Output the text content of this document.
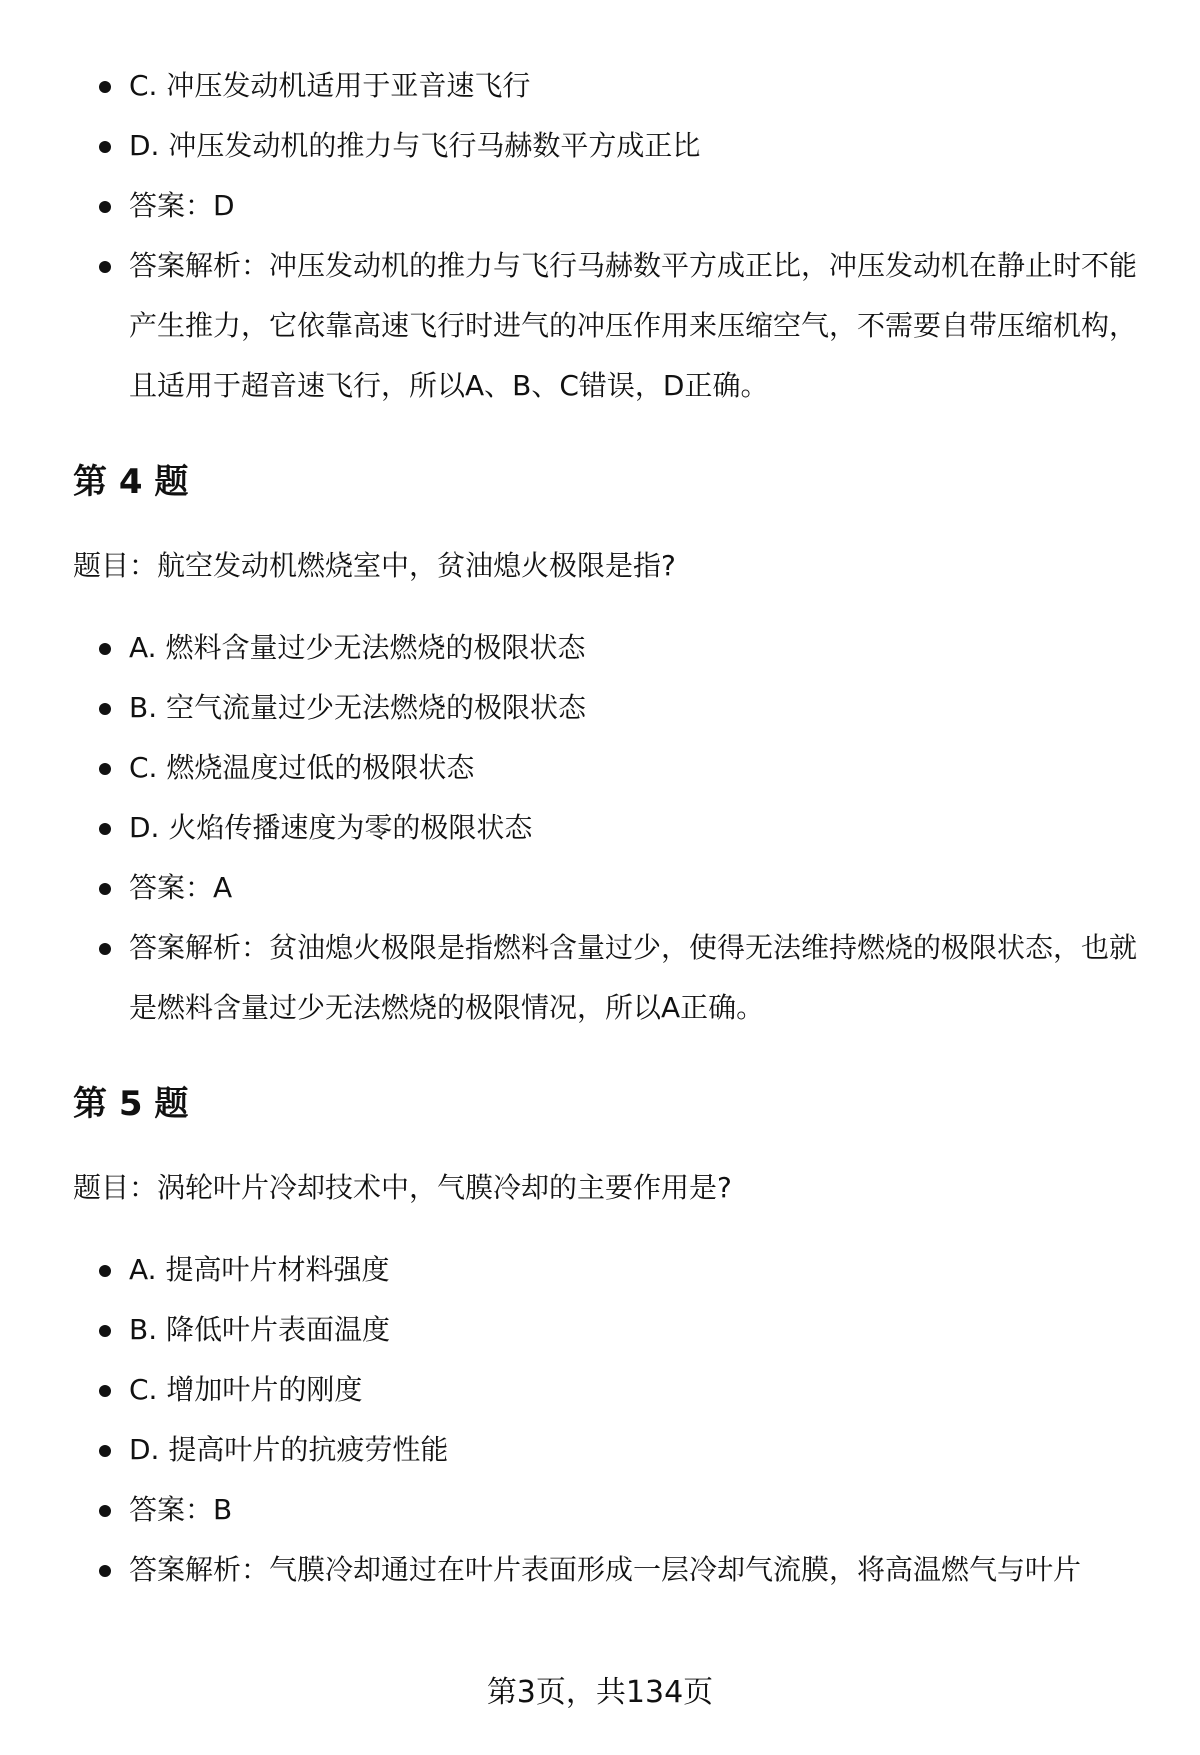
C. 冲压发动机适用于亚音速飞行
D. 冲压发动机的推力与飞行马赫数平方成正比
答案：D
答案解析：冲压发动机的推力与飞行马赫数平方成正比，冲压发动机在静止时不能产生推力，它依靠高速飞行时进气的冲压作用来压缩空气，不需要自带压缩机构，且适用于超音速飞行，所以A、B、C错误，D正确。
第 4 题
题目：航空发动机燃烧室中，贫油熄火极限是指?
A. 燃料含量过少无法燃烧的极限状态
B. 空气流量过少无法燃烧的极限状态
C. 燃烧温度过低的极限状态
D. 火焰传播速度为零的极限状态
答案：A
答案解析：贫油熄火极限是指燃料含量过少，使得无法维持燃烧的极限状态，也就是燃料含量过少无法燃烧的极限情况，所以A正确。
第 5 题
题目：涡轮叶片冷却技术中，气膜冷却的主要作用是?
A. 提高叶片材料强度
B. 降低叶片表面温度
C. 增加叶片的刚度
D. 提高叶片的抗疲劳性能
答案：B
答案解析：气膜冷却通过在叶片表面形成一层冷却气流膜，将高温燃气与叶片
第3页，共134页
